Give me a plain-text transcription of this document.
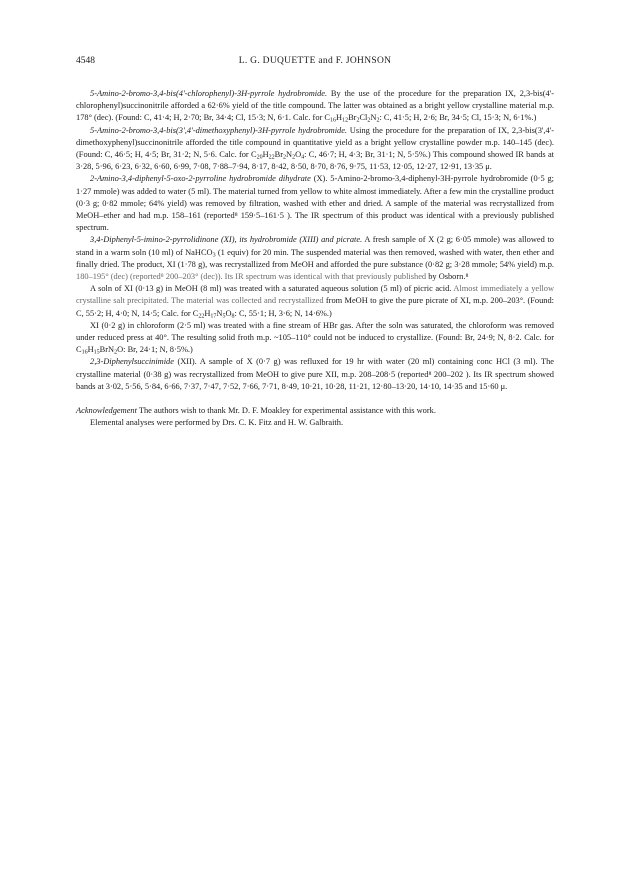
4548	L. G. DUQUETTE and F. JOHNSON

5-Amino-2-bromo-3,4-bis(4'-chlorophenyl)-3H-pyrrole hydrobromide. By the use of the procedure for the preparation IX, 2,3-bis(4'-chlorophenyl)succinonitrile afforded a 62·6% yield of the title compound. The latter was obtained as a bright yellow crystalline material m.p. 178° (dec). (Found: C, 41·4; H, 2·70; Br, 34·4; Cl, 15·3; N, 6·1. Calc. for $C_{16}H_{12}Br_2Cl_2N_2$: C, 41·5; H, 2·6; Br, 34·5; Cl, 15·3; N, 6·1%.)

5-Amino-2-bromo-3,4-bis(3',4'-dimethoxyphenyl)-3H-pyrrole hydrobromide. Using the procedure for the preparation of IX, 2,3-bis(3',4'-dimethoxyphenyl)succinonitrile afforded the title compound in quantitative yield as a bright yellow crystalline powder m.p. 140–145 (dec). (Found: C, 46·5; H, 4·5; Br, 31·2; N, 5·6. Calc. for $C_{20}H_{22}Br_2N_2O_4$: C, 46·7; H, 4·3; Br, 31·1; N, 5·5%.) This compound showed IR bands at 3·28, 5·96, 6·23, 6·32, 6·60, 6·99, 7·08, 7·88–7·94, 8·17, 8·42, 8·50, 8·70, 8·76, 9·75, 11·53, 12·05, 12·27, 12·91, 13·35 μ.

2-Amino-3,4-diphenyl-5-oxo-2-pyrroline hydrobromide dihydrate (X). 5-Amino-2-bromo-3,4-diphenyl-3H-pyrrole hydrobromide (0·5 g; 1·27 mmole) was added to water (5 ml). The material turned from yellow to white almost immediately. After a few min the crystalline product (0·3 g; 0·82 mmole; 64% yield) was removed by filtration, washed with ether and dried. A sample of the material was recrystallized from MeOH–ether and had m.p. 158–161 (reported⁸ 159·5–161·5 ). The IR spectrum of this product was identical with a previously published spectrum.

3,4-Diphenyl-5-imino-2-pyrrolidinone (XI), its hydrobromide (XIII) and picrate. A fresh sample of X (2 g; 6·05 mmole) was allowed to stand in a warm soln (10 ml) of NaHCO$_3$ (1 equiv) for 20 min. The suspended material was then removed, washed with water, then ether and finally dried. The product, XI (1·78 g), was recrystallized from MeOH and afforded the pure substance (0·82 g; 3·28 mmole; 54% yield) m.p. 180–195° (dec) (reported⁸ 200–203° (dec)). Its IR spectrum was identical with that previously published by Osborn.⁸

A soln of XI (0·13 g) in MeOH (8 ml) was treated with a saturated aqueous solution (5 ml) of picric acid. Almost immediately a yellow crystalline salt precipitated. The material was collected and recrystallized from MeOH to give the pure picrate of XI, m.p. 200–203°. (Found: C, 55·2; H, 4·0; N, 14·5; Calc. for $C_{22}H_{17}N_5O_8$: C, 55·1; H, 3·6; N, 14·6%.)

XI (0·2 g) in chloroform (2·5 ml) was treated with a fine stream of HBr gas. After the soln was saturated, the chloroform was removed under reduced press at 40°. The resulting solid froth m.p. ~105–110° could not be induced to crystallize. (Found: Br, 24·9; N, 8·2. Calc. for $C_{16}H_{15}BrN_2O$: Br, 24·1; N, 8·5%.)

2,3-Diphenylsuccinimide (XII). A sample of X (0·7 g) was refluxed for 19 hr with water (20 ml) containing conc HCl (3 ml). The crystalline material (0·38 g) was recrystallized from MeOH to give pure XII, m.p. 208–208·5 (reported⁸ 200–202 ). Its IR spectrum showed bands at 3·02, 5·56, 5·84, 6·66, 7·37, 7·47, 7·52, 7·66, 7·71, 8·49, 10·21, 10·28, 11·21, 12·80–13·20, 14·10, 14·35 and 15·60 μ.

Acknowledgement The authors wish to thank Mr. D. F. Moakley for experimental assistance with this work.

Elemental analyses were performed by Drs. C. K. Fitz and H. W. Galbraith.
